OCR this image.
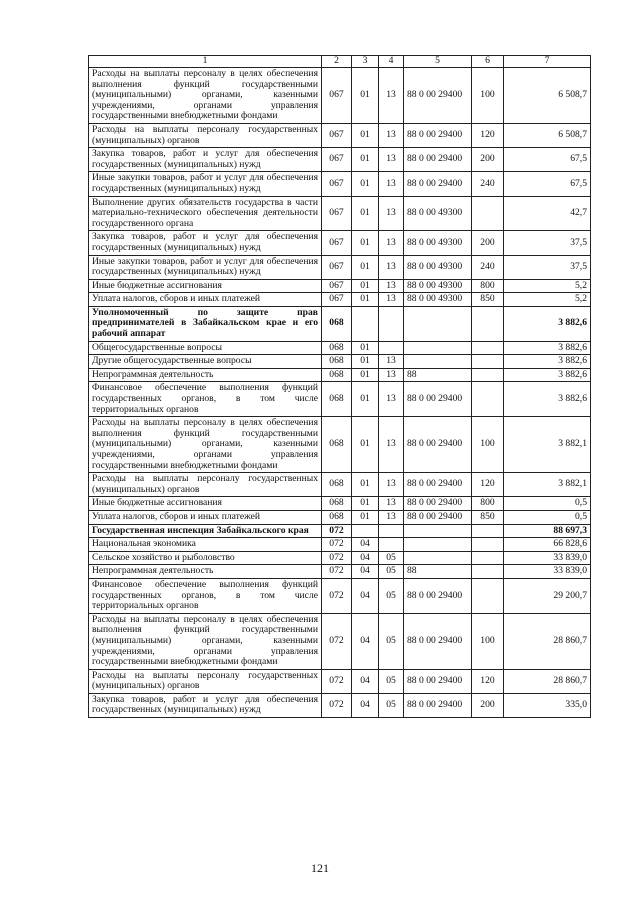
1	2	3	4	5	6	7
Расходы на выплаты персоналу в целях обеспечения выполнения функций государственными (муниципальными) органами, казенными учреждениями, органами управления государственными внебюджетными фондами	067	01	13	88 0 00 29400	100	6 508,7
Расходы на выплаты персоналу государственных (муниципальных) органов	067	01	13	88 0 00 29400	120	6 508,7
Закупка товаров, работ и услуг для обеспечения государственных (муниципальных) нужд	067	01	13	88 0 00 29400	200	67,5
Иные закупки товаров, работ и услуг для обеспечения государственных (муниципальных) нужд	067	01	13	88 0 00 29400	240	67,5
Выполнение других обязательств государства в части материально-технического обеспечения деятельности государственного органа	067	01	13	88 0 00 49300		42,7
Закупка товаров, работ и услуг для обеспечения государственных (муниципальных) нужд	067	01	13	88 0 00 49300	200	37,5
Иные закупки товаров, работ и услуг для обеспечения государственных (муниципальных) нужд	067	01	13	88 0 00 49300	240	37,5
Иные бюджетные ассигнования	067	01	13	88 0 00 49300	800	5,2
Уплата налогов, сборов и иных платежей	067	01	13	88 0 00 49300	850	5,2
Уполномоченный по защите прав предпринимателей в Забайкальском крае и его рабочий аппарат	068					3 882,6
Общегосударственные вопросы	068	01				3 882,6
Другие общегосударственные вопросы	068	01	13			3 882,6
Непрограммная деятельность	068	01	13	88		3 882,6
Финансовое обеспечение выполнения функций государственных органов, в том числе территориальных органов	068	01	13	88 0 00 29400		3 882,6
Расходы на выплаты персоналу в целях обеспечения выполнения функций государственными (муниципальными) органами, казенными учреждениями, органами управления государственными внебюджетными фондами	068	01	13	88 0 00 29400	100	3 882,1
Расходы на выплаты персоналу государственных (муниципальных) органов	068	01	13	88 0 00 29400	120	3 882,1
Иные бюджетные ассигнования	068	01	13	88 0 00 29400	800	0,5
Уплата налогов, сборов и иных платежей	068	01	13	88 0 00 29400	850	0,5
Государственная инспекция Забайкальского края	072					88 697,3
Национальная экономика	072	04				66 828,6
Сельское хозяйство и рыболовство	072	04	05			33 839,0
Непрограммная деятельность	072	04	05	88		33 839,0
Финансовое обеспечение выполнения функций государственных органов, в том числе территориальных органов	072	04	05	88 0 00 29400		29 200,7
Расходы на выплаты персоналу в целях обеспечения выполнения функций государственными (муниципальными) органами, казенными учреждениями, органами управления государственными внебюджетными фондами	072	04	05	88 0 00 29400	100	28 860,7
Расходы на выплаты персоналу государственных (муниципальных) органов	072	04	05	88 0 00 29400	120	28 860,7
Закупка товаров, работ и услуг для обеспечения государственных (муниципальных) нужд	072	04	05	88 0 00 29400	200	335,0
121
